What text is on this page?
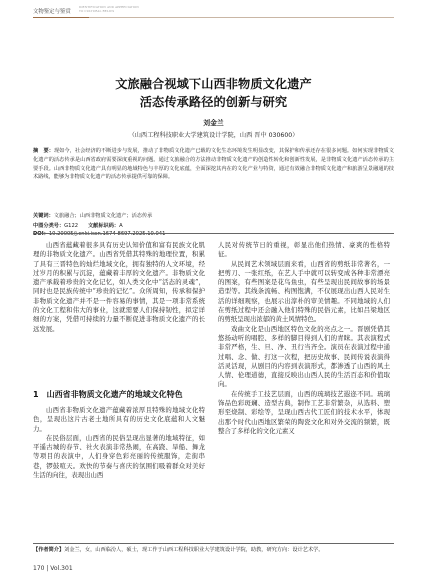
文物鉴定与鉴赏
IDENTIFICATION AND APPRECIATION
TO CULTURAL RELICS
文旅融合视域下山西非物质文化遗产
活态传承路径的创新与研究
刘金兰
（山西工程科技职业大学建筑设计学院，山西 晋中 030600）
摘　要：现如今，社会经济的不断进步与发展，推动了非物质文化遗产已载的文化生态环境发生明显改变，其保护和传承还存在很多问题。如何实现非物质文化遗产的活态传承是山西省政府需要深度重视的问题。通过文旅融合的方法推动非物质文化遗产的创造性转化和创新性发展，是非物质文化遗产活态传承的主要手段。山西非物质文化遗产具有明显的地域特色与丰厚的文化底蕴，全面深挖其内在的文化产业与特资，通过有效融合非物质文化遗产和旅游呈景融通的技术路线，能够为非物质文化遗产的活态传承提供可靠的保障。
关键词：文旅融合；山西非物质文化遗产；活态传承
中图分类号：G122 文献标识码：A
DOI：10.20005/j.cnki.issn.1674-8697.2025.10.041

山西省蕴藏着很多具有历史认知价值和富有民族文化肌理的非物质文化遗产。山西省凭借其特殊的地理位置，积累了具有三晋特色的灿烂地域文化，拥有独特的人文环境，经过岁月的积累与沉淀，蕴藏着丰厚的文化遗产。非物质文化遗产承载着珍贵的文化记忆，如人类文化中“活态的灵魂”，同时也是民族传统中“珍贵的记忆”。众所周知，传承和保护非物质文化遗产并不是一件容易的事情，其是一项非常系统的文化工程和伟大的事业，这就需要人们保持韧性，拟定详细的方案，凭借可持续的力量不断促进非物质文化遗产的长远发展。

1　山西省非物质文化遗产的地域文化特色

山西省非物质文化遗产蕴藏着浓厚且特殊的地域文化特色，呈现出这片古老土地所具有的历史文化底蕴和人文魅力。

在民俗层面，山西省的民俗呈现出显著的地域特征，如平遥古城的春节、社火表演非常热闹，在高跷、旱船、舞龙等项目的表演中，人们身穿色彩亮丽的传统服饰，走街串巷，锣鼓喧天。欢快的节奏与喜庆的氛围们吸着群众对美好生活的向往，表现出山西

人民对传统节日的重视，彰显出他们热情、豪爽的性格特征。

从民间艺术领域层面来看，山西省的剪纸非常著名，一把剪刀、一张红纸，在艺人手中就可以转变成各种非常漂亮的图案，有些图案是花鸟鱼虫，有些呈现出民间故事的场景造型等。其线条流畅、构图饱满，不仅展现出山西人民对生活的详细观察，也展示出淳朴的审美情趣。不同地域的人们在剪纸过程中还会融入他们特殊的民俗元素，比如吕梁地区的剪纸呈现出浓郁的黄土风情特色。

戏曲文化是山西地区特色文化的亮点之一。晋剧凭借其悠扬动听的唱腔、多样的脚目得到人们的青睐。其表演程式非常严格，生、旦、净、丑行当齐全。演员在表演过程中通过唱、念、做、打这一次程，把历史故事、民间传说表演得活灵活现，从剧目的内容到表演形式，都渗透了山西的风土人情、伦理道德，直接反映出山西人民的生活百态和价值取向。

在传统手工技艺层面，山西的琉璃技艺遐迩不同。琉璃饰品色彩斑斓、造型古典，制作工艺非常繁杂，从选料、塑形至烧制、彩绘等，呈现山西古代工匠们的技术水平，体现出那个时代山西地区繁荣的陶瓷文化和对外交流的频繁，既整合了多样化的文化元素又

【作者简介】刘金兰，女，山西临汾人，硕士，现工作于山西工程科技职业大学建筑设计学院，助教，研究方向：设计艺术学。
170 | Vol.301
